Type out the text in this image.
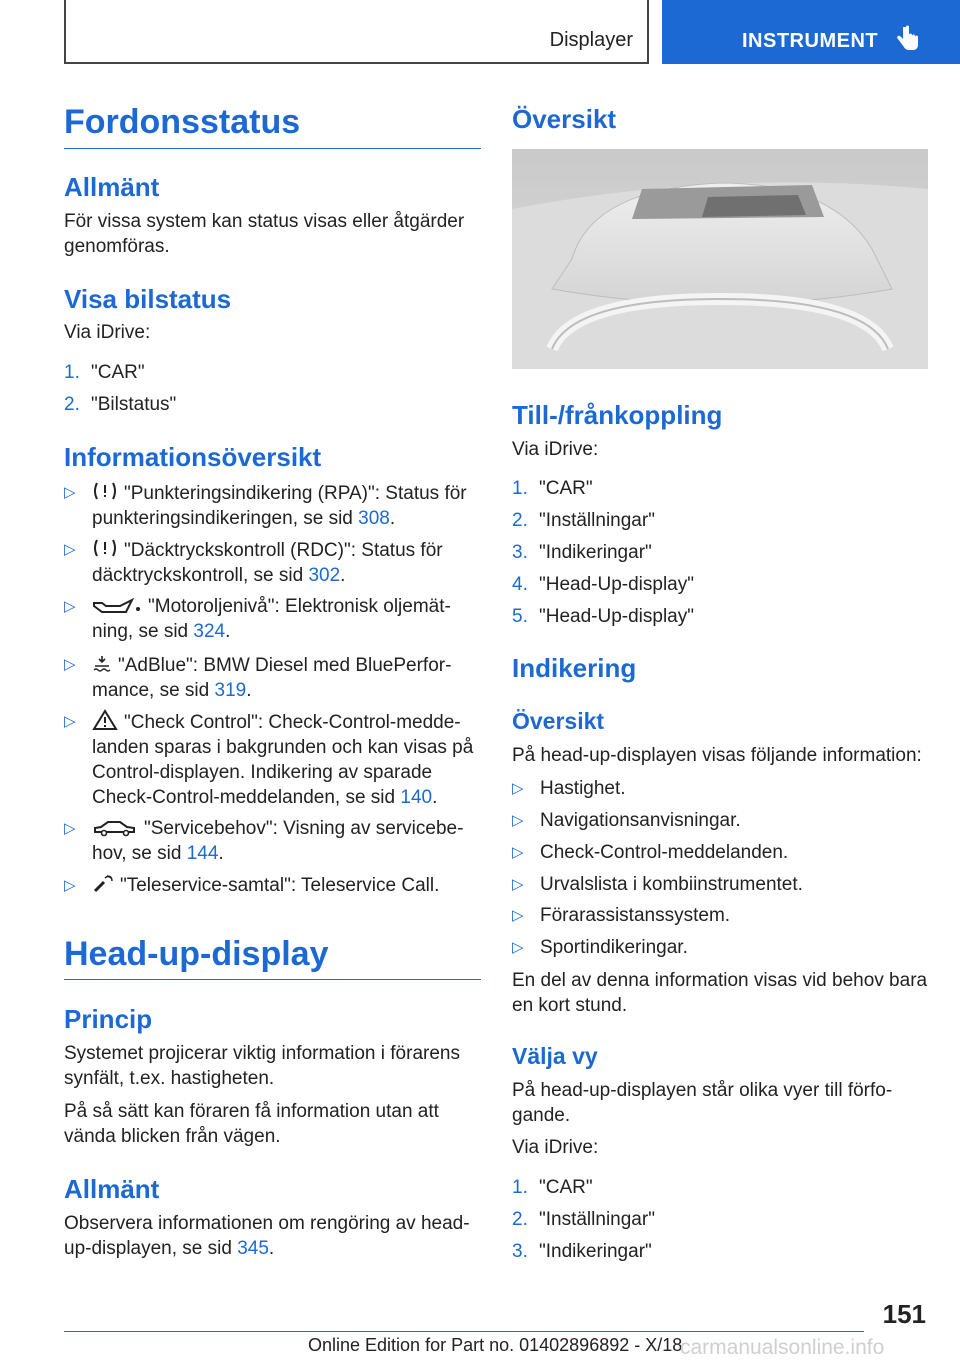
Displayer	INSTRUMENT
Fordonsstatus
Allmänt
För vissa system kan status visas eller åtgärder genomföras.
Visa bilstatus
Via iDrive:
1. "CAR"
2. "Bilstatus"
Informationsöversikt
▷	"Punkteringsindikering (RPA)": Status för punkteringsindikeringen, se sid 308.
▷	"Däcktryckskontroll (RDC)": Status för däcktryckskontroll, se sid 302.
▷	"Motoroljenivå": Elektronisk oljemätning, se sid 324.
▷	"AdBlue": BMW Diesel med BluePerformance, se sid 319.
▷	"Check Control": Check-Control-meddelanden sparas i bakgrunden och kan visas på Control-displayen. Indikering av sparade Check-Control-meddelanden, se sid 140.
▷	"Servicebehov": Visning av servicebehov, se sid 144.
▷	"Teleservice-samtal": Teleservice Call.
Head-up-display
Princip
Systemet projicerar viktig information i förarens synfält, t.ex. hastigheten.
På så sätt kan föraren få information utan att vända blicken från vägen.
Allmänt
Observera informationen om rengöring av head-up-displayen, se sid 345.
Översikt
Till-/frånkoppling
Via iDrive:
1. "CAR"
2. "Inställningar"
3. "Indikeringar"
4. "Head-Up-display"
5. "Head-Up-display"
Indikering
Översikt
På head-up-displayen visas följande information:
▷ Hastighet.
▷ Navigationsanvisningar.
▷ Check-Control-meddelanden.
▷ Urvalslista i kombiinstrumentet.
▷ Förarassistanssystem.
▷ Sportindikeringar.
En del av denna information visas vid behov bara en kort stund.
Välja vy
På head-up-displayen står olika vyer till förfogande.
Via iDrive:
1. "CAR"
2. "Inställningar"
3. "Indikeringar"
151
Online Edition for Part no. 01402896892 - X/18
carmanualsonline.info
